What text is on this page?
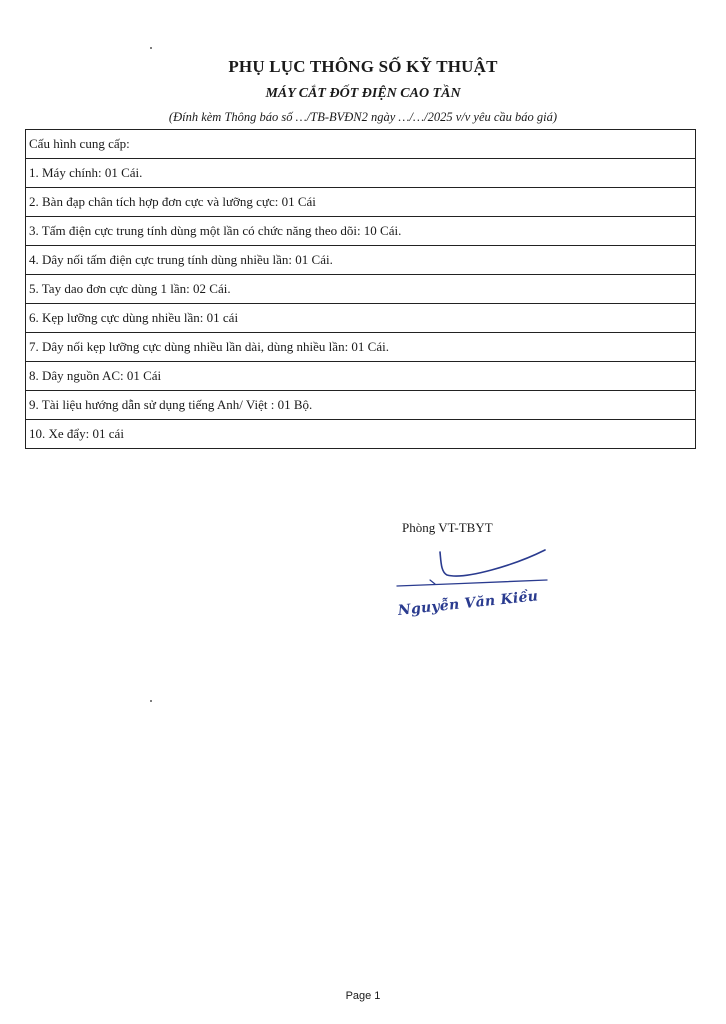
PHỤ LỤC THÔNG SỐ KỸ THUẬT
MÁY CẮT ĐỐT ĐIỆN CAO TẦN
(Đính kèm Thông báo số …/TB-BVĐN2 ngày …/…/2025 v/v yêu cầu báo giá)
Cấu hình cung cấp:
1. Máy chính: 01 Cái.
2. Bàn đạp chân tích hợp đơn cực và lưỡng cực: 01 Cái
3. Tấm điện cực trung tính dùng một lần có chức năng theo dõi: 10 Cái.
4. Dây nối tấm điện cực trung tính dùng nhiều lần: 01 Cái.
5. Tay dao đơn cực dùng 1 lần: 02 Cái.
6. Kẹp lưỡng cực dùng nhiều lần: 01 cái
7. Dây nối kẹp lưỡng cực dùng nhiều lần dài, dùng nhiều lần: 01 Cái.
8. Dây nguồn AC: 01 Cái
9. Tài liệu hướng dẫn sử dụng tiếng Anh/ Việt : 01 Bộ.
10. Xe đẩy: 01 cái
Phòng VT-TBYT
Nguyễn Văn Kiều
Page 1
